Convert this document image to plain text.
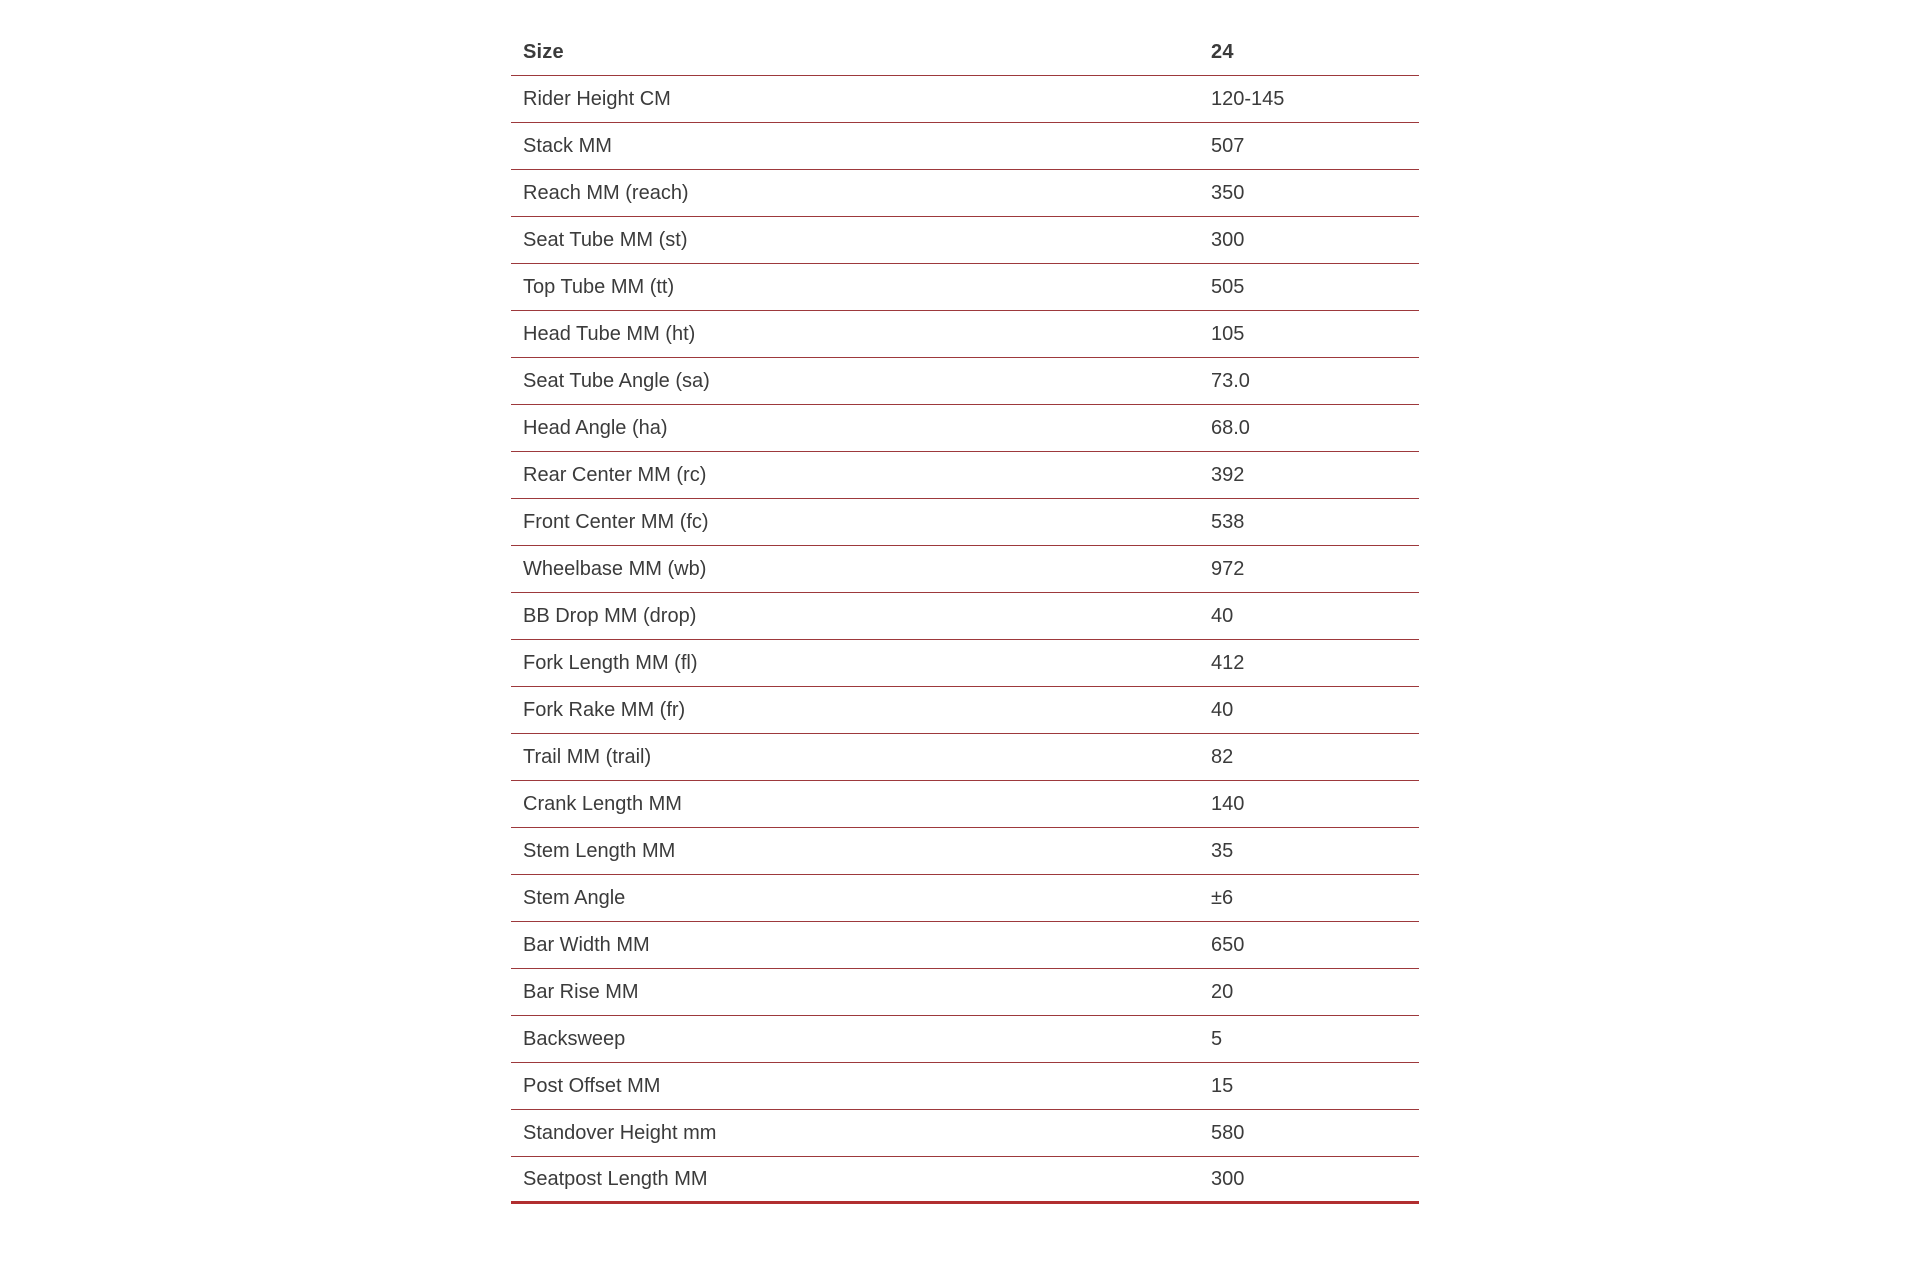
Size	24
Rider Height CM	120-145
Stack MM	507
Reach MM (reach)	350
Seat Tube MM (st)	300
Top Tube MM (tt)	505
Head Tube MM (ht)	105
Seat Tube Angle (sa)	73.0
Head Angle (ha)	68.0
Rear Center MM (rc)	392
Front Center MM (fc)	538
Wheelbase MM (wb)	972
BB Drop MM (drop)	40
Fork Length MM (fl)	412
Fork Rake MM (fr)	40
Trail MM (trail)	82
Crank Length MM	140
Stem Length MM	35
Stem Angle	±6
Bar Width MM	650
Bar Rise MM	20
Backsweep	5
Post Offset MM	15
Standover Height mm	580
Seatpost Length MM	300
